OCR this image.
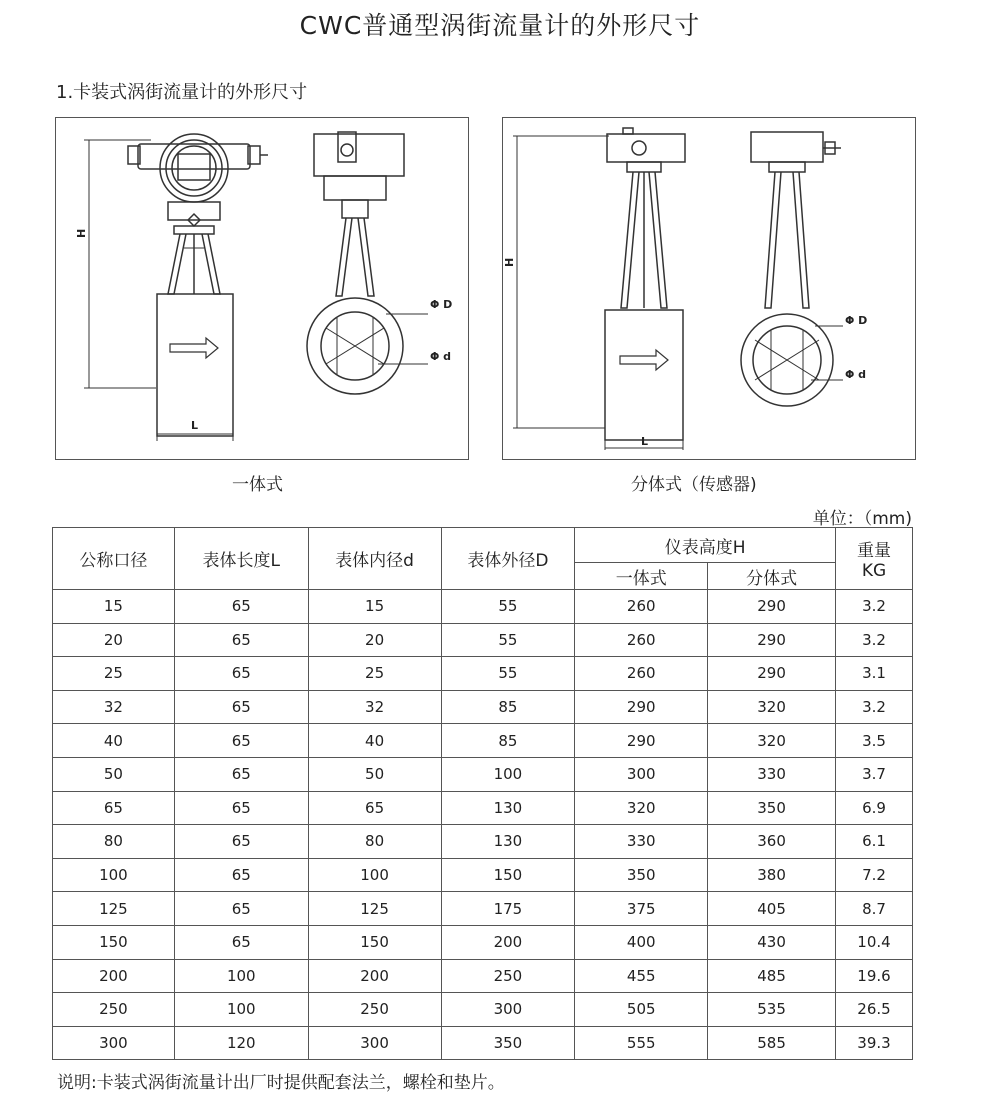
CWC普通型涡街流量计的外形尺寸
1.卡装式涡街流量计的外形尺寸
H
L
Φ D
Φ d
H
L
Φ D
Φ d
一体式	分体式（传感器)
单位：（mm)
公称口径	表体长度L	表体内径d	表体外径D	仪表高度H		重量
KG

				一体式	分体式	
15	65	15	55	260	290	3.2
20	65	20	55	260	290	3.2
25	65	25	55	260	290	3.1
32	65	32	85	290	320	3.2
40	65	40	85	290	320	3.5
50	65	50	100	300	330	3.7
65	65	65	130	320	350	6.9
80	65	80	130	330	360	6.1
100	65	100	150	350	380	7.2
125	65	125	175	375	405	8.7
150	65	150	200	400	430	10.4
200	100	200	250	455	485	19.6
250	100	250	300	505	535	26.5
300	120	300	350	555	585	39.3
说明:卡装式涡街流量计出厂时提供配套法兰，螺栓和垫片。
